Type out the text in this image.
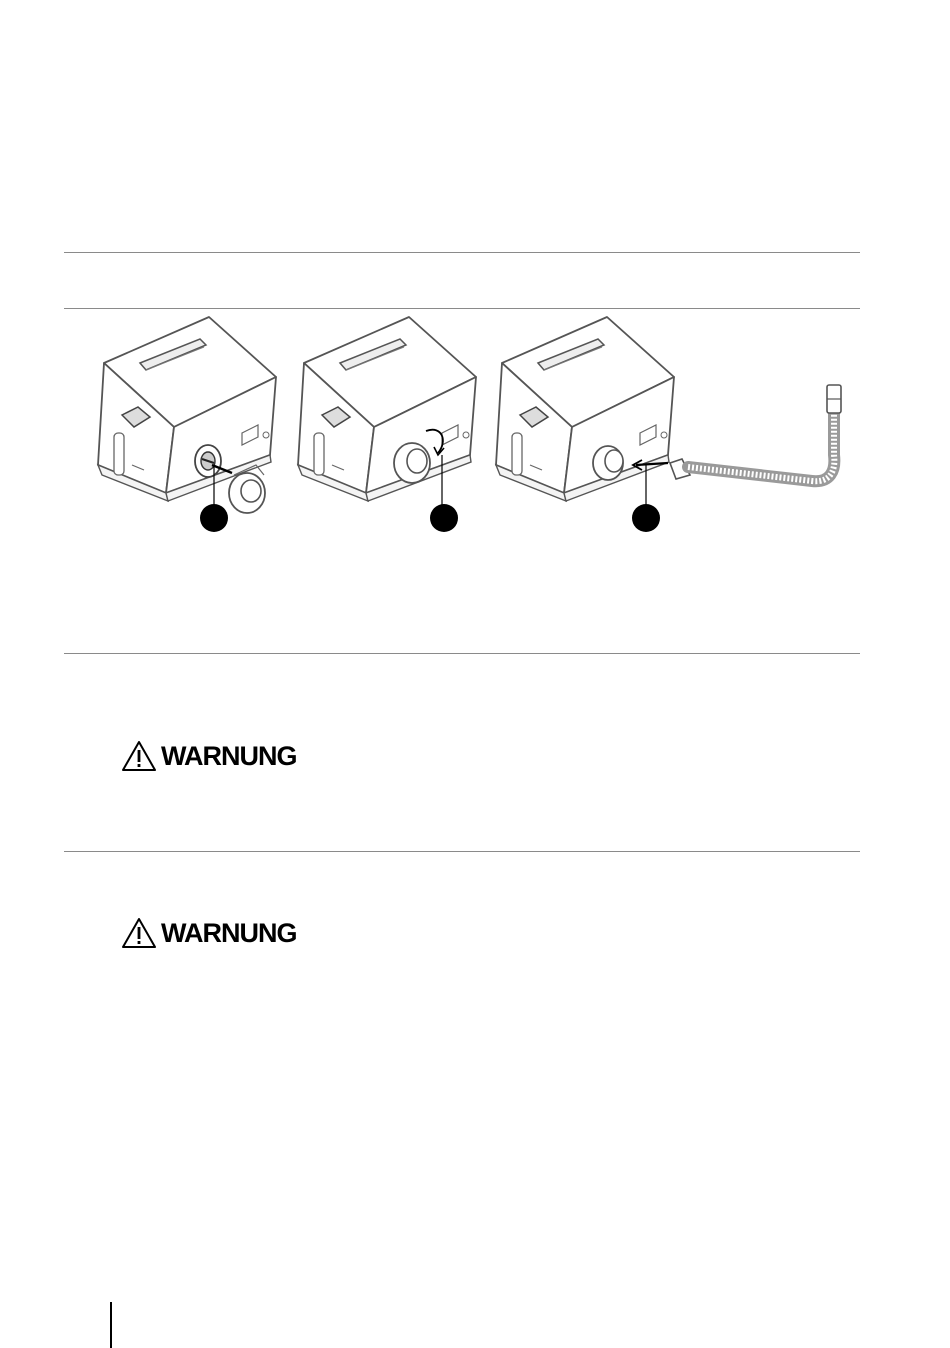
WARNUNG
WARNUNG
